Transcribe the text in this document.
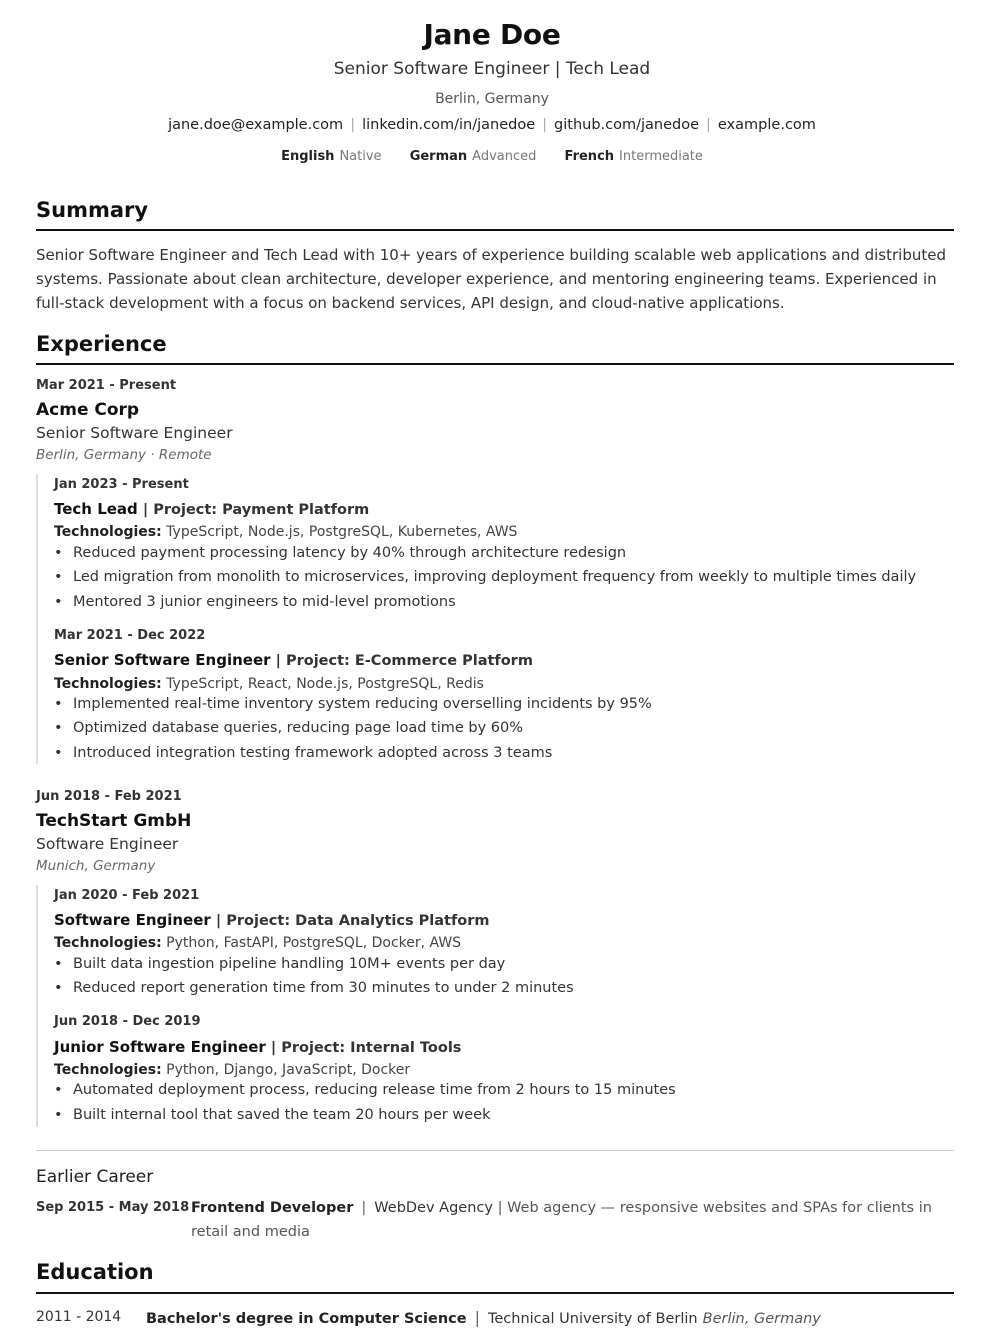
Jane Doe
Senior Software Engineer | Tech Lead
Berlin, Germany
jane.doe@example.com | linkedin.com/in/janedoe | github.com/janedoe | example.com
English Native German Advanced French Intermediate
Summary
Senior Software Engineer and Tech Lead with 10+ years of experience building scalable web applications and distributed systems. Passionate about clean architecture, developer experience, and mentoring engineering teams. Experienced in full-stack development with a focus on backend services, API design, and cloud-native applications.
Experience
Mar 2021 - Present
Acme Corp
Senior Software Engineer
Berlin, Germany · Remote
Jan 2023 - Present
Tech Lead | Project: Payment Platform
Technologies: TypeScript, Node.js, PostgreSQL, Kubernetes, AWS
• Reduced payment processing latency by 40% through architecture redesign
• Led migration from monolith to microservices, improving deployment frequency from weekly to multiple times daily
• Mentored 3 junior engineers to mid-level promotions
Mar 2021 - Dec 2022
Senior Software Engineer | Project: E-Commerce Platform
Technologies: TypeScript, React, Node.js, PostgreSQL, Redis
• Implemented real-time inventory system reducing overselling incidents by 95%
• Optimized database queries, reducing page load time by 60%
• Introduced integration testing framework adopted across 3 teams
Jun 2018 - Feb 2021
TechStart GmbH
Software Engineer
Munich, Germany
Jan 2020 - Feb 2021
Software Engineer | Project: Data Analytics Platform
Technologies: Python, FastAPI, PostgreSQL, Docker, AWS
• Built data ingestion pipeline handling 10M+ events per day
• Reduced report generation time from 30 minutes to under 2 minutes
Jun 2018 - Dec 2019
Junior Software Engineer | Project: Internal Tools
Technologies: Python, Django, JavaScript, Docker
• Automated deployment process, reducing release time from 2 hours to 15 minutes
• Built internal tool that saved the team 20 hours per week
Earlier Career
Sep 2015 - May 2018 Frontend Developer | WebDev Agency | Web agency — responsive websites and SPAs for clients in retail and media
Education
2011 - 2014 Bachelor's degree in Computer Science | Technical University of Berlin Berlin, Germany
